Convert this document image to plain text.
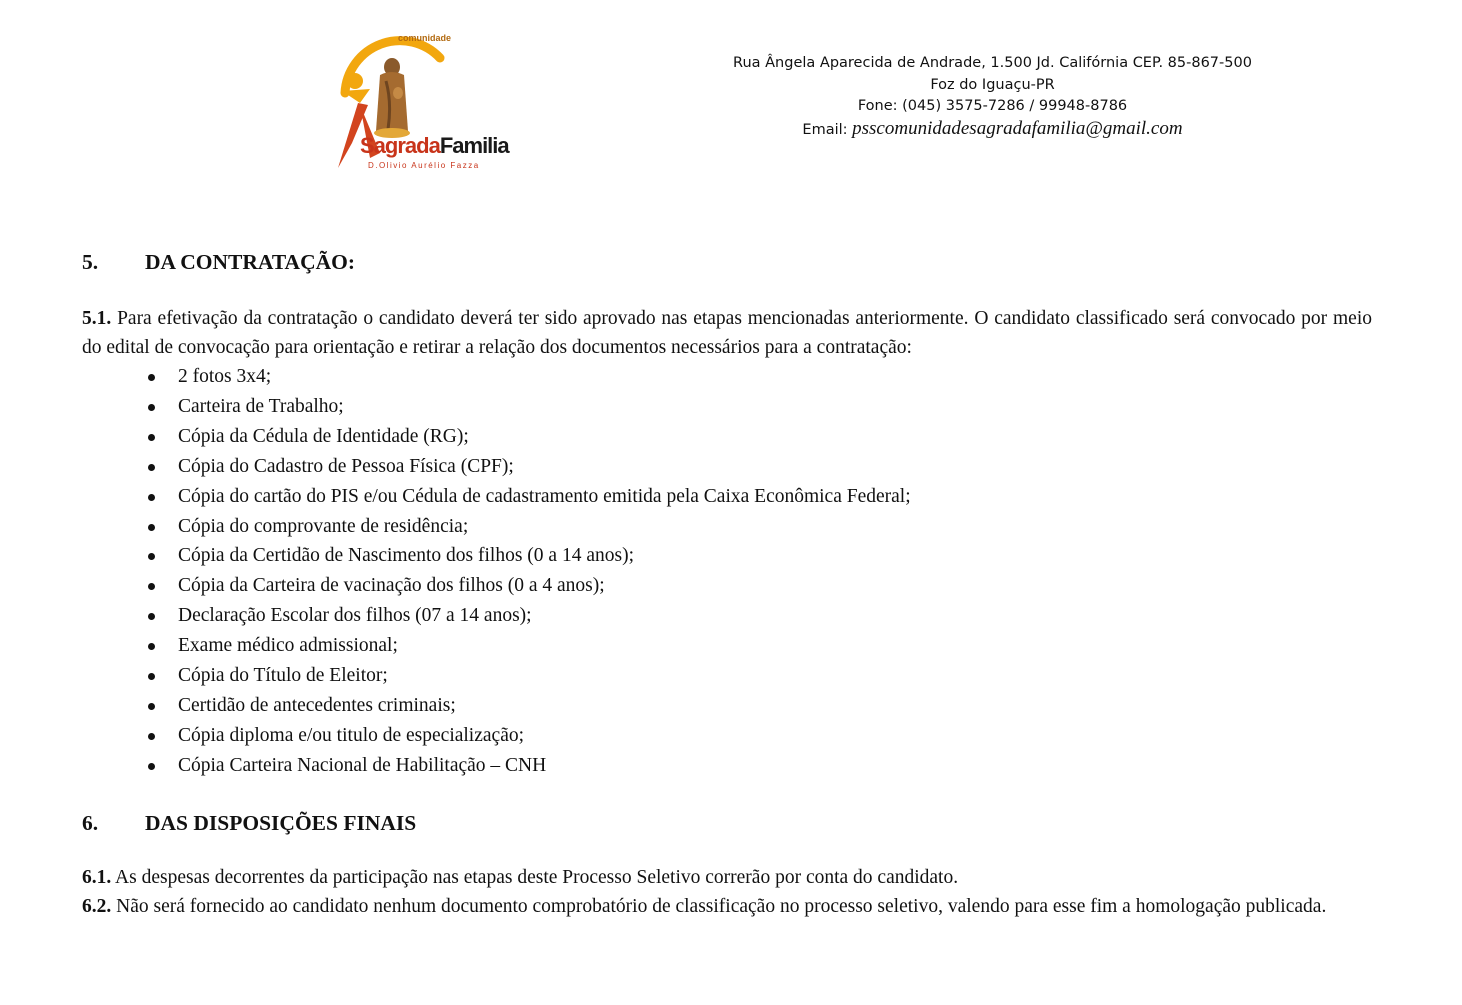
comunidade
SagradaFamilia
D.Olivio Aurélio Fazza
Rua Ângela Aparecida de Andrade, 1.500 Jd. Califórnia CEP. 85-867-500
Foz do Iguaçu-PR
Fone: (045) 3575-7286 / 99948-8786
Email: psscomunidadesagradafamilia@gmail.com
5.	DA CONTRATAÇÃO:

5.1. Para efetivação da contratação o candidato deverá ter sido aprovado nas etapas mencionadas anteriormente. O candidato classificado será convocado por meio do edital de convocação para orientação e retirar a relação dos documentos necessários para a contratação:

2 fotos 3x4;
Carteira de Trabalho;
Cópia da Cédula de Identidade (RG);
Cópia do Cadastro de Pessoa Física (CPF);
Cópia do cartão do PIS e/ou Cédula de cadastramento emitida pela Caixa Econômica Federal;
Cópia do comprovante de residência;
Cópia da Certidão de Nascimento dos filhos (0 a 14 anos);
Cópia da Carteira de vacinação dos filhos (0 a 4 anos);
Declaração Escolar dos filhos (07 a 14 anos);
Exame médico admissional;
Cópia do Título de Eleitor;
Certidão de antecedentes criminais;
Cópia diploma e/ou titulo de especialização;
Cópia Carteira Nacional de Habilitação – CNH
6.	DAS DISPOSIÇÕES FINAIS

6.1. As despesas decorrentes da participação nas etapas deste Processo Seletivo correrão por conta do candidato.

6.2. Não será fornecido ao candidato nenhum documento comprobatório de classificação no processo seletivo, valendo para esse fim a homologação publicada.
